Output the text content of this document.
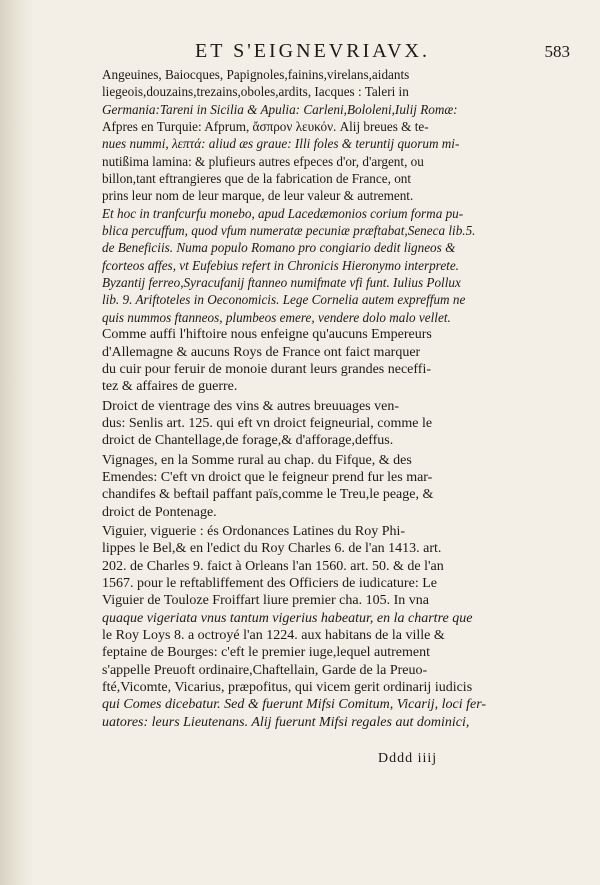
ET S'EIGNEVRIAVX.	583
Angeuines, Baiocques, Papignoles,fainins,virelans,aidants
liegeois,douzains,trezains,oboles,ardits, Iacques : Taleri in
Germania:Tareni in Sicilia & Apulia: Carleni,Bololeni,Iulij Romæ:
Afpres en Turquie: Afprum, ἄσπρον λευκόν. Alij breues & te-
nues nummi, λεπτά: aliud æs graue: Illi foles & teruntij quorum mi-
nutißima lamina: & plufieurs autres efpeces d'or, d'argent, ou
billon,tant eftrangieres que de la fabrication de France, ont
prins leur nom de leur marque, de leur valeur & autrement.
Et hoc in tranfcurfu monebo, apud Lacedæmonios corium forma pu-
blica percuffum, quod vfum numeratæ pecuniæ præftabat,Seneca lib.5.
de Beneficiis. Numa populo Romano pro congiario dedit ligneos &
fcorteos affes, vt Eufebius refert in Chronicis Hieronymo interprete.
Byzantij ferreo,Syracufanij ftanneo numifmate vfi funt. Iulius Pollux
lib. 9. Ariftoteles in Oeconomicis. Lege Cornelia autem expreffum ne
quis nummos ftanneos, plumbeos emere, vendere dolo malo vellet.
Comme auffi l'hiftoire nous enfeigne qu'aucuns Empereurs
d'Allemagne & aucuns Roys de France ont faict marquer
du cuir pour feruir de monoie durant leurs grandes neceffi-
tez & affaires de guerre.
Droict de vientrage des vins & autres breuuages ven-
dus: Senlis art. 125. qui eft vn droict feigneurial, comme le
droict de Chantellage,de forage,& d'afforage,deffus.
Vignages, en la Somme rural au chap. du Fifque, & des
Emendes: C'eft vn droict que le feigneur prend fur les mar-
chandifes & beftail paffant païs,comme le Treu,le peage, &
droict de Pontenage.
Viguier, viguerie : és Ordonances Latines du Roy Phi-
lippes le Bel,& en l'edict du Roy Charles 6. de l'an 1413. art.
202. de Charles 9. faict à Orleans l'an 1560. art. 50. & de l'an
1567. pour le reftabliffement des Officiers de iudicature: Le
Viguier de Touloze Froiffart liure premier cha. 105. In vna
quaque vigeriata vnus tantum vigerius habeatur, en la chartre que
le Roy Loys 8. a octroyé l'an 1224. aux habitans de la ville &
feptaine de Bourges: c'eft le premier iuge,lequel autrement
s'appelle Preuoft ordinaire,Chaftellain, Garde de la Preuo-
fté,Vicomte, Vicarius, præpofitus, qui vicem gerit ordinarij iudicis
qui Comes dicebatur. Sed & fuerunt Mifsi Comitum, Vicarij, loci fer-
uatores: leurs Lieutenans. Alij fuerunt Mifsi regales aut dominici,
Dddd iiij
